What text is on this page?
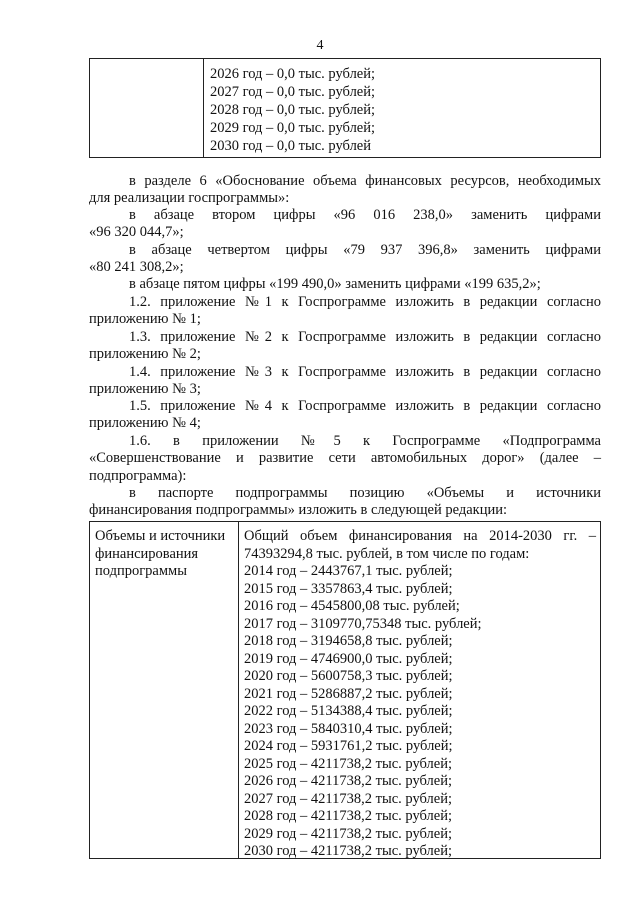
4
2026 год – 0,0 тыс. рублей;
2027 год – 0,0 тыс. рублей;
2028 год – 0,0 тыс. рублей;
2029 год – 0,0 тыс. рублей;
2030 год – 0,0 тыс. рублей
в разделе 6 «Обоснование объема финансовых ресурсов, необходимых
для реализации госпрограммы»:
в абзаце втором цифры «96 016 238,0» заменить цифрами
«96 320 044,7»;
в абзаце четвертом цифры «79 937 396,8» заменить цифрами
«80 241 308,2»;
в абзаце пятом цифры «199 490,0» заменить цифрами «199 635,2»;
1.2. приложение №1 к Госпрограмме изложить в редакции согласно
приложению № 1;
1.3. приложение №2 к Госпрограмме изложить в редакции согласно
приложению № 2;
1.4. приложение №3 к Госпрограмме изложить в редакции согласно
приложению № 3;
1.5. приложение №4 к Госпрограмме изложить в редакции согласно
приложению № 4;
1.6. в приложении №5 к Госпрограмме «Подпрограмма
«Совершенствование и развитие сети автомобильных дорог» (далее –
подпрограмма):
в паспорте подпрограммы позицию «Объемы и источники
финансирования подпрограммы» изложить в следующей редакции:
Объемы и источники
финансирования
подпрограммы
Общий объем финансирования на 2014-2030 гг. –
74393294,8 тыс. рублей, в том числе по годам:
2014 год – 2443767,1 тыс. рублей;
2015 год – 3357863,4 тыс. рублей;
2016 год – 4545800,08 тыс. рублей;
2017 год – 3109770,75348 тыс. рублей;
2018 год – 3194658,8 тыс. рублей;
2019 год – 4746900,0 тыс. рублей;
2020 год – 5600758,3 тыс. рублей;
2021 год – 5286887,2 тыс. рублей;
2022 год – 5134388,4 тыс. рублей;
2023 год – 5840310,4 тыс. рублей;
2024 год – 5931761,2 тыс. рублей;
2025 год – 4211738,2 тыс. рублей;
2026 год – 4211738,2 тыс. рублей;
2027 год – 4211738,2 тыс. рублей;
2028 год – 4211738,2 тыс. рублей;
2029 год – 4211738,2 тыс. рублей;
2030 год – 4211738,2 тыс. рублей;
